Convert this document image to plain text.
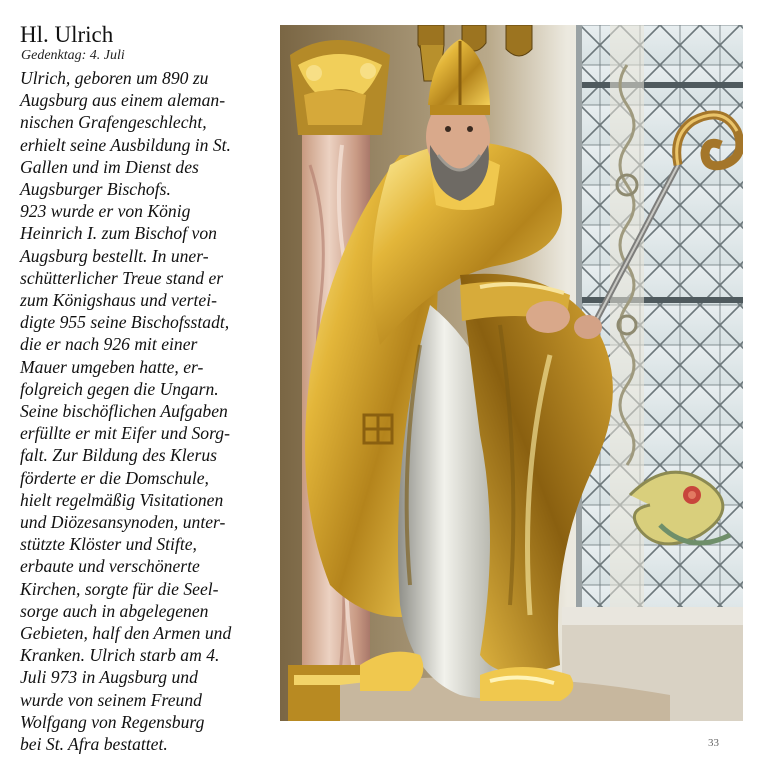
Hl. Ulrich
Gedenktag: 4. Juli
Ulrich, geboren um 890 zu
Augsburg aus einem aleman-
nischen Grafengeschlecht,
erhielt seine Ausbildung in St.
Gallen und im Dienst des
Augsburger Bischofs.
923 wurde er von König
Heinrich I. zum Bischof von
Augsburg bestellt. In uner-
schütterlicher Treue stand er
zum Königshaus und vertei-
digte 955 seine Bischofsstadt,
die er nach 926 mit einer
Mauer umgeben hatte, er-
folgreich gegen die Ungarn.
Seine bischöflichen Aufgaben
erfüllte er mit Eifer und Sorg-
falt. Zur Bildung des Klerus
förderte er die Domschule,
hielt regelmäßig Visitationen
und Diözesansynoden, unter-
stützte Klöster und Stifte,
erbaute und verschönerte
Kirchen, sorgte für die Seel-
sorge auch in abgelegenen
Gebieten, half den Armen und
Kranken. Ulrich starb am 4.
Juli 973 in Augsburg und
wurde von seinem Freund
Wolfgang von Regensburg
bei St. Afra bestattet.	33
